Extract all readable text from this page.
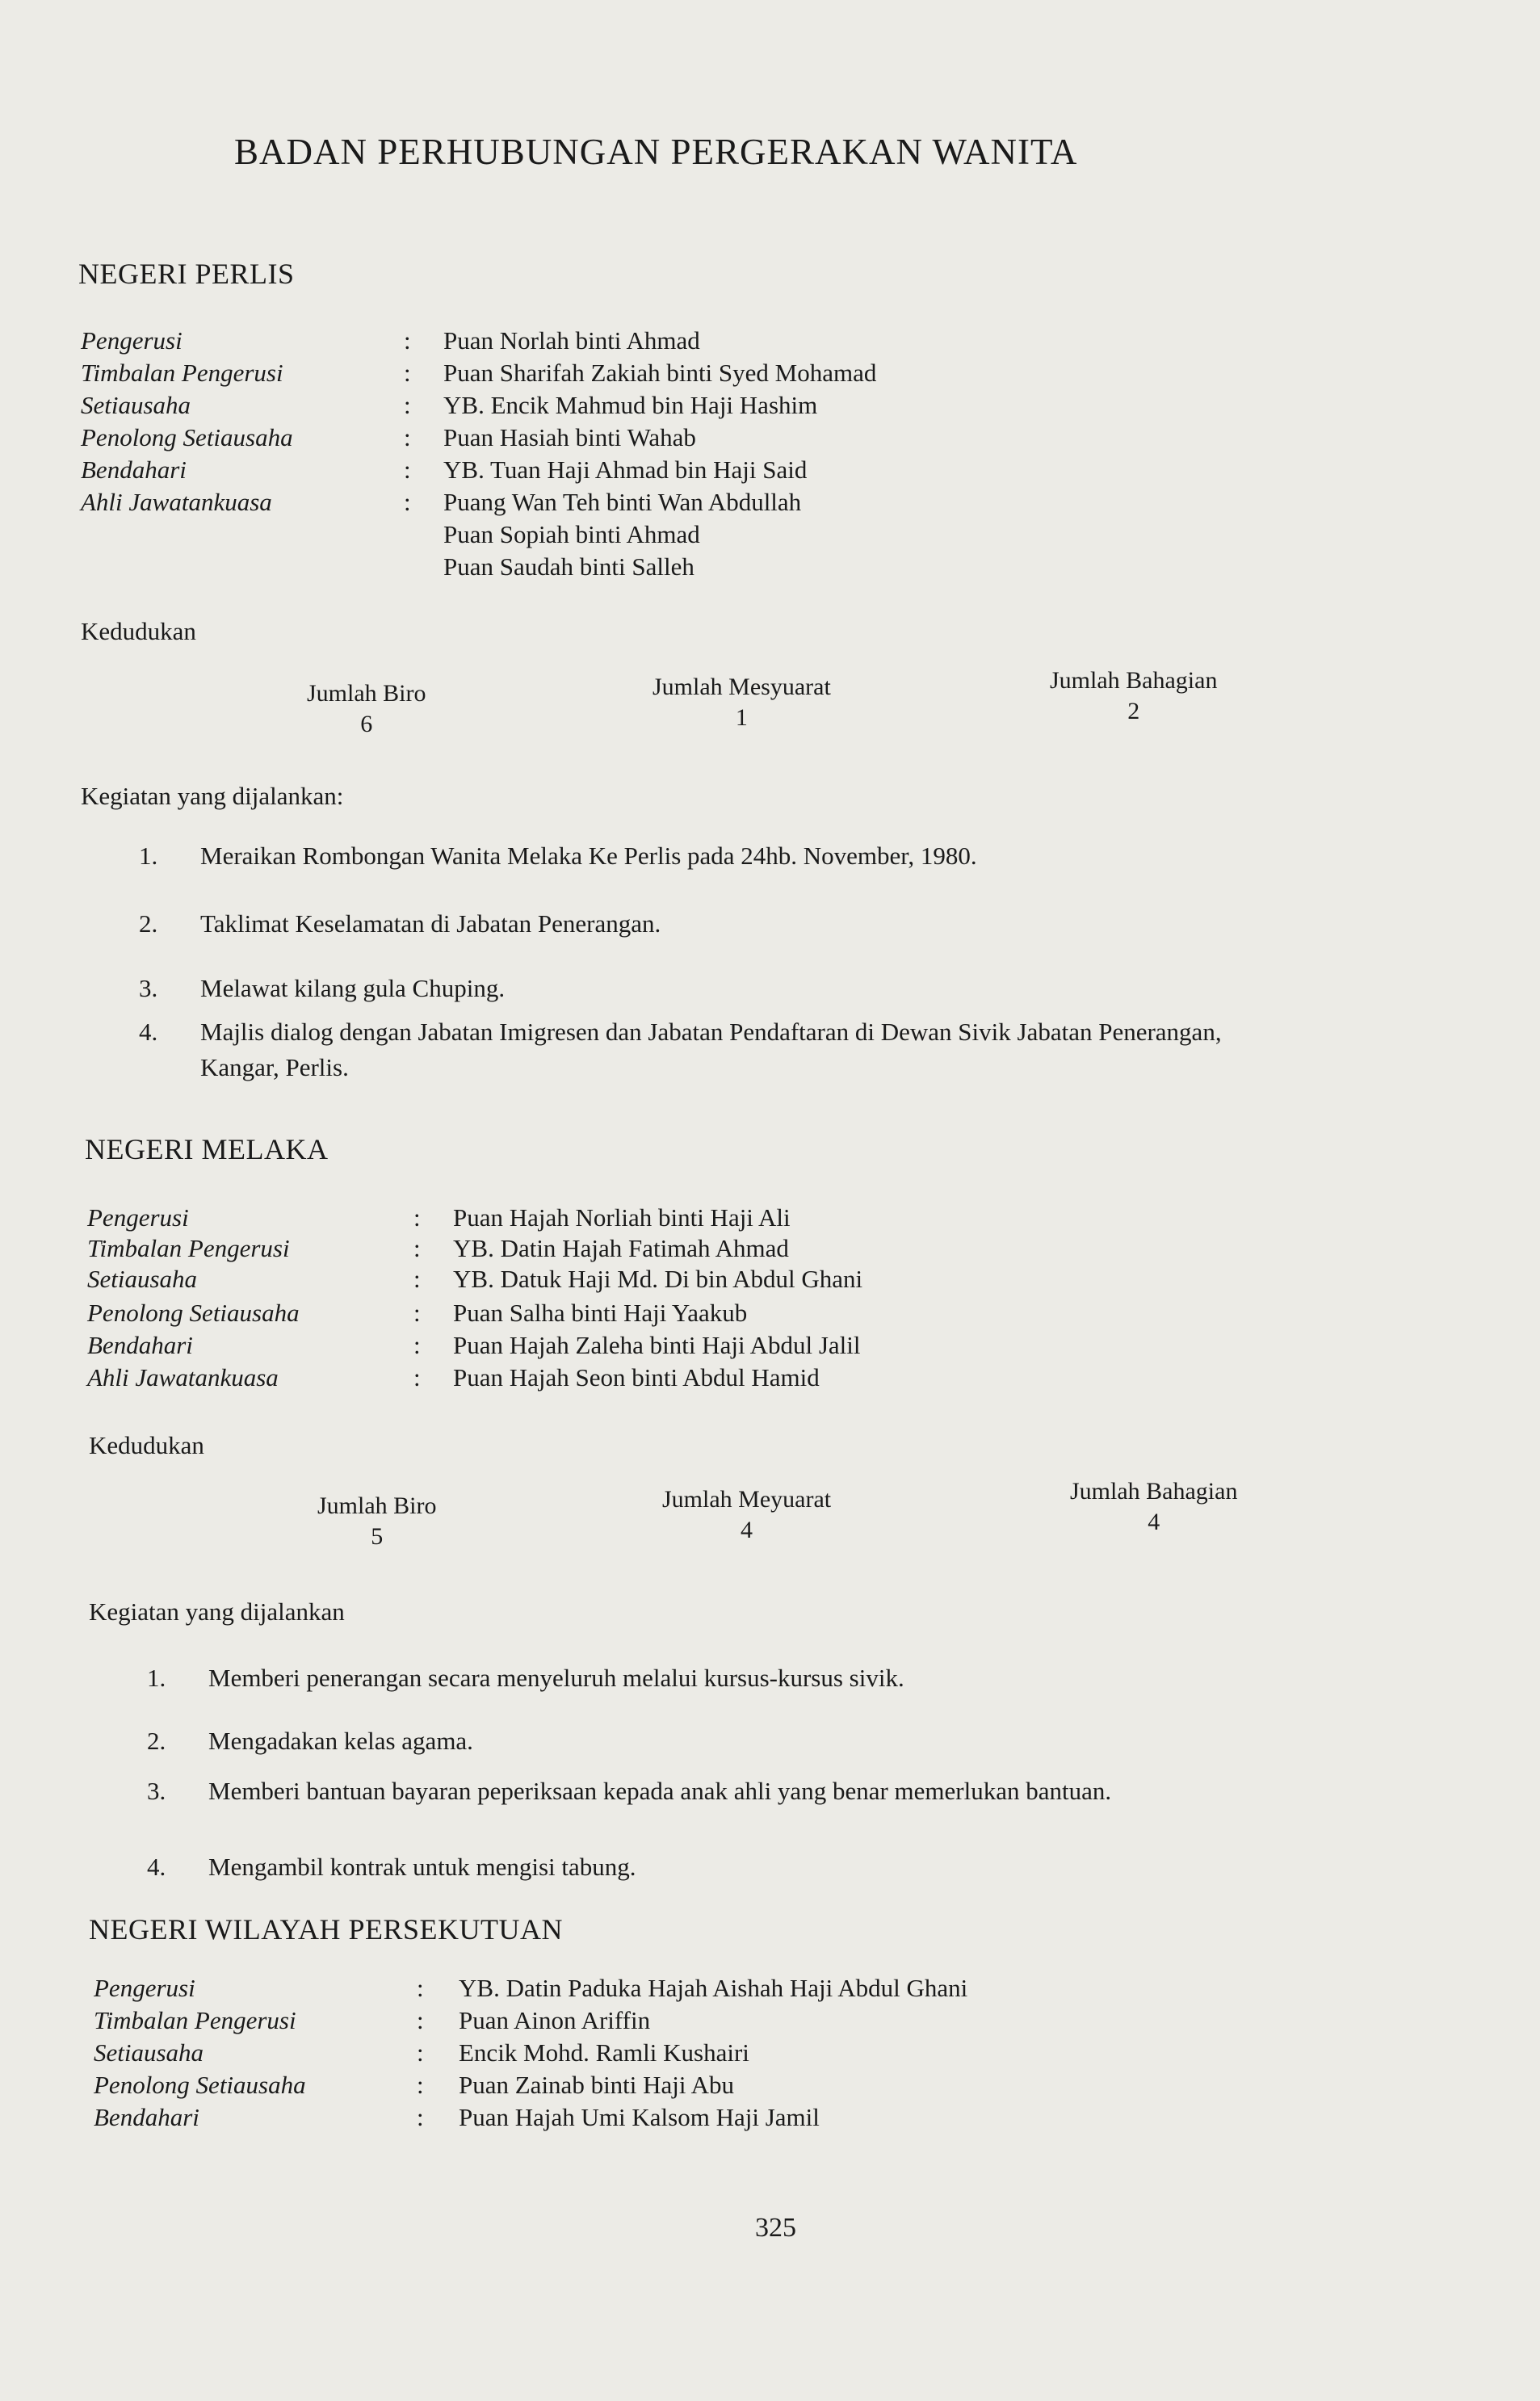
BADAN PERHUBUNGAN PERGERAKAN WANITA
NEGERI PERLIS
Pengerusi	: Puan Norlah binti Ahmad
Timbalan Pengerusi	: Puan Sharifah Zakiah binti Syed Mohamad
Setiausaha	: YB. Encik Mahmud bin Haji Hashim
Penolong Setiausaha	: Puan Hasiah binti Wahab
Bendahari	: YB. Tuan Haji Ahmad bin Haji Said
Ahli Jawatankuasa	: Puang Wan Teh binti Wan Abdullah
Puan Sopiah binti Ahmad
Puan Saudah binti Salleh
Kedudukan
Jumlah Biro
6
Jumlah Mesyuarat
1
Jumlah Bahagian
2
Kegiatan yang dijalankan:
1. Meraikan Rombongan Wanita Melaka Ke Perlis pada 24hb. November, 1980.
2. Taklimat Keselamatan di Jabatan Penerangan.
3. Melawat kilang gula Chuping.
4. Majlis dialog dengan Jabatan Imigresen dan Jabatan Pendaftaran di Dewan Sivik Jabatan Penerangan,
Kangar, Perlis.
NEGERI MELAKA
Pengerusi	: Puan Hajah Norliah binti Haji Ali
Timbalan Pengerusi	: YB. Datin Hajah Fatimah Ahmad
Setiausaha	: YB. Datuk Haji Md. Di bin Abdul Ghani
Penolong Setiausaha	: Puan Salha binti Haji Yaakub
Bendahari	: Puan Hajah Zaleha binti Haji Abdul Jalil
Ahli Jawatankuasa	: Puan Hajah Seon binti Abdul Hamid
Kedudukan
Jumlah Biro
5
Jumlah Meyuarat
4
Jumlah Bahagian
4
Kegiatan yang dijalankan
1. Memberi penerangan secara menyeluruh melalui kursus-kursus sivik.
2. Mengadakan kelas agama.
3. Memberi bantuan bayaran peperiksaan kepada anak ahli yang benar memerlukan bantuan.
4. Mengambil kontrak untuk mengisi tabung.
NEGERI WILAYAH PERSEKUTUAN
Pengerusi	: YB. Datin Paduka Hajah Aishah Haji Abdul Ghani
Timbalan Pengerusi	: Puan Ainon Ariffin
Setiausaha	: Encik Mohd. Ramli Kushairi
Penolong Setiausaha	: Puan Zainab binti Haji Abu
Bendahari	: Puan Hajah Umi Kalsom Haji Jamil
325
